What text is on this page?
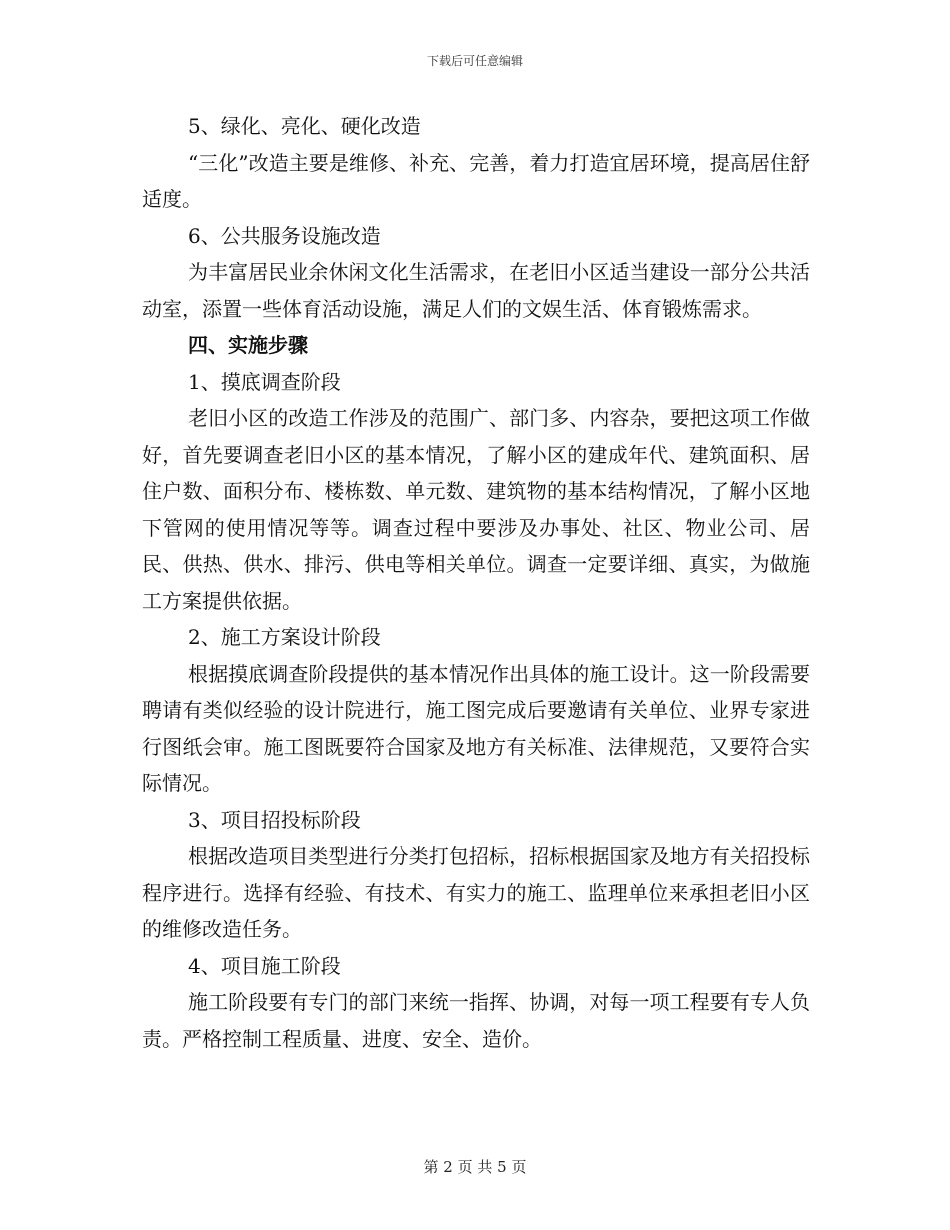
下载后可任意编辑

5、绿化、亮化、硬化改造

“三化”改造主要是维修、补充、完善，着力打造宜居环境，提高居住舒适度。

6、公共服务设施改造

为丰富居民业余休闲文化生活需求，在老旧小区适当建设一部分公共活动室，添置一些体育活动设施，满足人们的文娱生活、体育锻炼需求。

四、实施步骤

1、摸底调查阶段

老旧小区的改造工作涉及的范围广、部门多、内容杂，要把这项工作做好，首先要调查老旧小区的基本情况，了解小区的建成年代、建筑面积、居住户数、面积分布、楼栋数、单元数、建筑物的基本结构情况，了解小区地下管网的使用情况等等。调查过程中要涉及办事处、社区、物业公司、居民、供热、供水、排污、供电等相关单位。调查一定要详细、真实，为做施工方案提供依据。

2、施工方案设计阶段

根据摸底调查阶段提供的基本情况作出具体的施工设计。这一阶段需要聘请有类似经验的设计院进行，施工图完成后要邀请有关单位、业界专家进行图纸会审。施工图既要符合国家及地方有关标准、法律规范，又要符合实际情况。

3、项目招投标阶段

根据改造项目类型进行分类打包招标，招标根据国家及地方有关招投标程序进行。选择有经验、有技术、有实力的施工、监理单位来承担老旧小区的维修改造任务。

4、项目施工阶段

施工阶段要有专门的部门来统一指挥、协调，对每一项工程要有专人负责。严格控制工程质量、进度、安全、造价。

第 2 页 共 5 页
